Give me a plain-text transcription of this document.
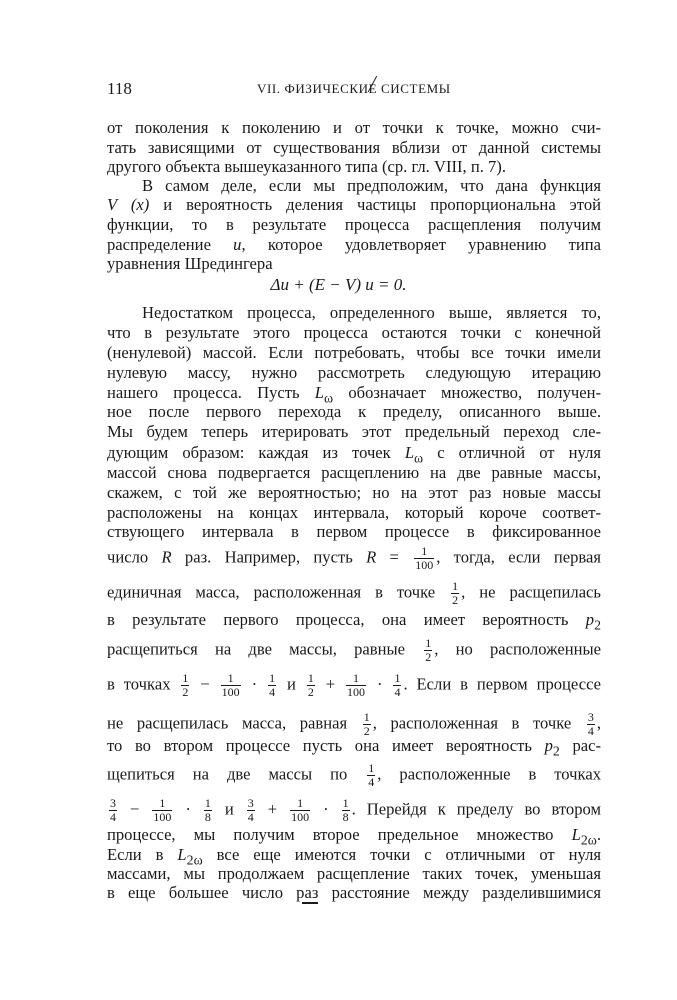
118	VII. ФИЗИЧЕСКИЕ СИСТЕМЫ
от поколения к поколению и от точки к точке, можно счи-
тать зависящими от существования вблизи от данной системы
другого объекта вышеуказанного типа (ср. гл. VIII, п. 7).
В самом деле, если мы предположим, что дана функция
V (x) и вероятность деления частицы пропорциональна этой
функции, то в результате процесса расщепления получим
распределение u, которое удовлетворяет уравнению типа
уравнения Шредингера
Δu + (E − V) u = 0.
Недостатком процесса, определенного выше, является то,
что в результате этого процесса остаются точки с конечной
(ненулевой) массой. Если потребовать, чтобы все точки имели
нулевую массу, нужно рассмотреть следующую итерацию
нашего процесса. Пусть $L_\omega$ обозначает множество, получен-
ное после первого перехода к пределу, описанного выше.
Мы будем теперь итерировать этот предельный переход сле-
дующим образом: каждая из точек $L_\omega$ с отличной от нуля
массой снова подвергается расщеплению на две равные массы,
скажем, с той же вероятностью; но на этот раз новые массы
расположены на концах интервала, который короче соответ-
ствующего интервала в первом процессе в фиксированное
число R раз. Например, пусть $R = \frac{1}{100}$ , тогда, если первая
единичная масса, расположенная в точке $\frac{1}{2}$ , не расщепилась
в результате первого процесса, она имеет вероятность $p_2$
расщепиться на две массы, равные $\frac{1}{2}$ , но расположенные
в точках $\frac{1}{2} - \frac{1}{100} \cdot \frac{1}{4}$ и $\frac{1}{2} + \frac{1}{100} \cdot \frac{1}{4}$ . Если в первом процессе
не расщепилась масса, равная $\frac{1}{2}$ , расположенная в точке $\frac{3}{4}$ ,
то во втором процессе пусть она имеет вероятность $p_2$ рас-
щепиться на две массы по $\frac{1}{4}$ , расположенные в точках
$\frac{3}{4} - \frac{1}{100} \cdot \frac{1}{8}$ и $\frac{3}{4} + \frac{1}{100} \cdot \frac{1}{8}$ . Перейдя к пределу во втором
процессе, мы получим второе предельное множество $L_{2\omega}$.
Если в $L_{2\omega}$ все еще имеются точки с отличными от нуля
массами, мы продолжаем расщепление таких точек, уменьшая
в еще большее число раз расстояние между разделившимися
